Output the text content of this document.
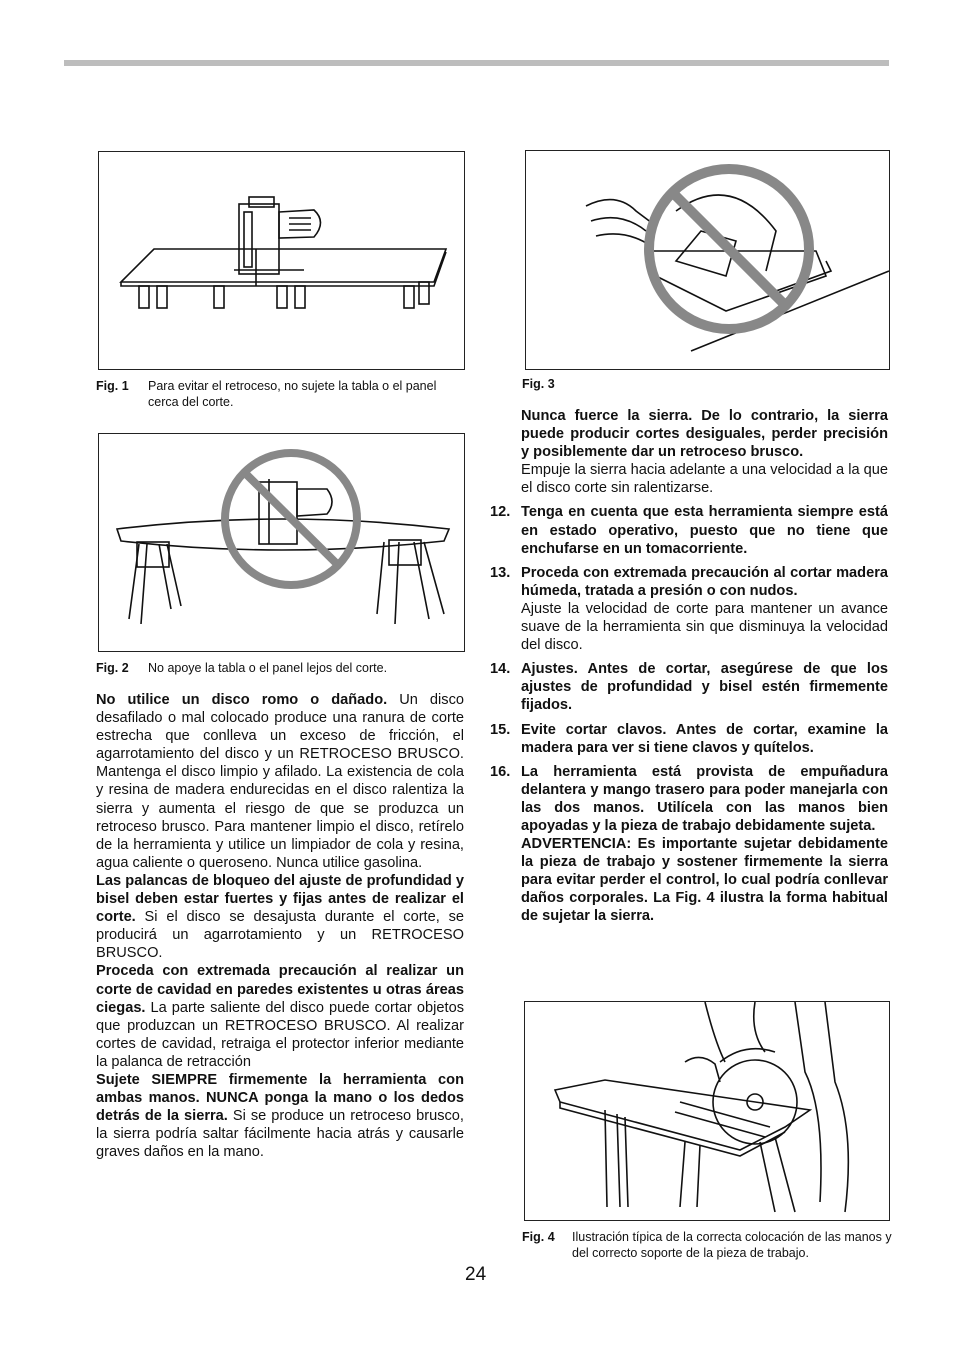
Fig. 1 Para evitar el retroceso, no sujete la tabla o el panel cerca del corte.
Fig. 2 No apoye la tabla o el panel lejos del corte.
Fig. 3
Fig. 4 Ilustración típica de la correcta colocación de las manos y del correcto soporte de la pieza de trabajo.

No utilice un disco romo o dañado. Un disco desafilado o mal colocado produce una ranura de corte estrecha que conlleva un exceso de fricción, el agarrotamiento del disco y un RETROCESO BRUSCO. Mantenga el disco limpio y afilado. La existencia de cola y resina de madera endurecidas en el disco ralentiza la sierra y aumenta el riesgo de que se produzca un retroceso brusco. Para mantener limpio el disco, retírelo de la herramienta y utilice un limpiador de cola y resina, agua caliente o queroseno. Nunca utilice gasolina.

Las palancas de bloqueo del ajuste de profundidad y bisel deben estar fuertes y fijas antes de realizar el corte. Si el disco se desajusta durante el corte, se producirá un agarrotamiento y un RETROCESO BRUSCO.

Proceda con extremada precaución al realizar un corte de cavidad en paredes existentes u otras áreas ciegas. La parte saliente del disco puede cortar objetos que produzcan un RETROCESO BRUSCO. Al realizar cortes de cavidad, retraiga el protector inferior mediante la palanca de retracción

Sujete SIEMPRE firmemente la herramienta con ambas manos. NUNCA ponga la mano o los dedos detrás de la sierra. Si se produce un retroceso brusco, la sierra podría saltar fácilmente hacia atrás y causarle graves daños en la mano.

Nunca fuerce la sierra. De lo contrario, la sierra puede producir cortes desiguales, perder precisión y posiblemente dar un retroceso brusco.

Empuje la sierra hacia adelante a una velocidad a la que el disco corte sin ralentizarse.

12. Tenga en cuenta que esta herramienta siempre está en estado operativo, puesto que no tiene que enchufarse en un tomacorriente.

13. Proceda con extremada precaución al cortar madera húmeda, tratada a presión o con nudos.

Ajuste la velocidad de corte para mantener un avance suave de la herramienta sin que disminuya la velocidad del disco.

14. Ajustes. Antes de cortar, asegúrese de que los ajustes de profundidad y bisel estén firmemente fijados.

15. Evite cortar clavos. Antes de cortar, examine la madera para ver si tiene clavos y quítelos.

16. La herramienta está provista de empuñadura delantera y mango trasero para poder manejarla con las dos manos. Utilícela con las manos bien apoyadas y la pieza de trabajo debidamente sujeta.

ADVERTENCIA: Es importante sujetar debidamente la pieza de trabajo y sostener firmemente la sierra para evitar perder el control, lo cual podría conllevar daños corporales. La Fig. 4 ilustra la forma habitual de sujetar la sierra.

24
